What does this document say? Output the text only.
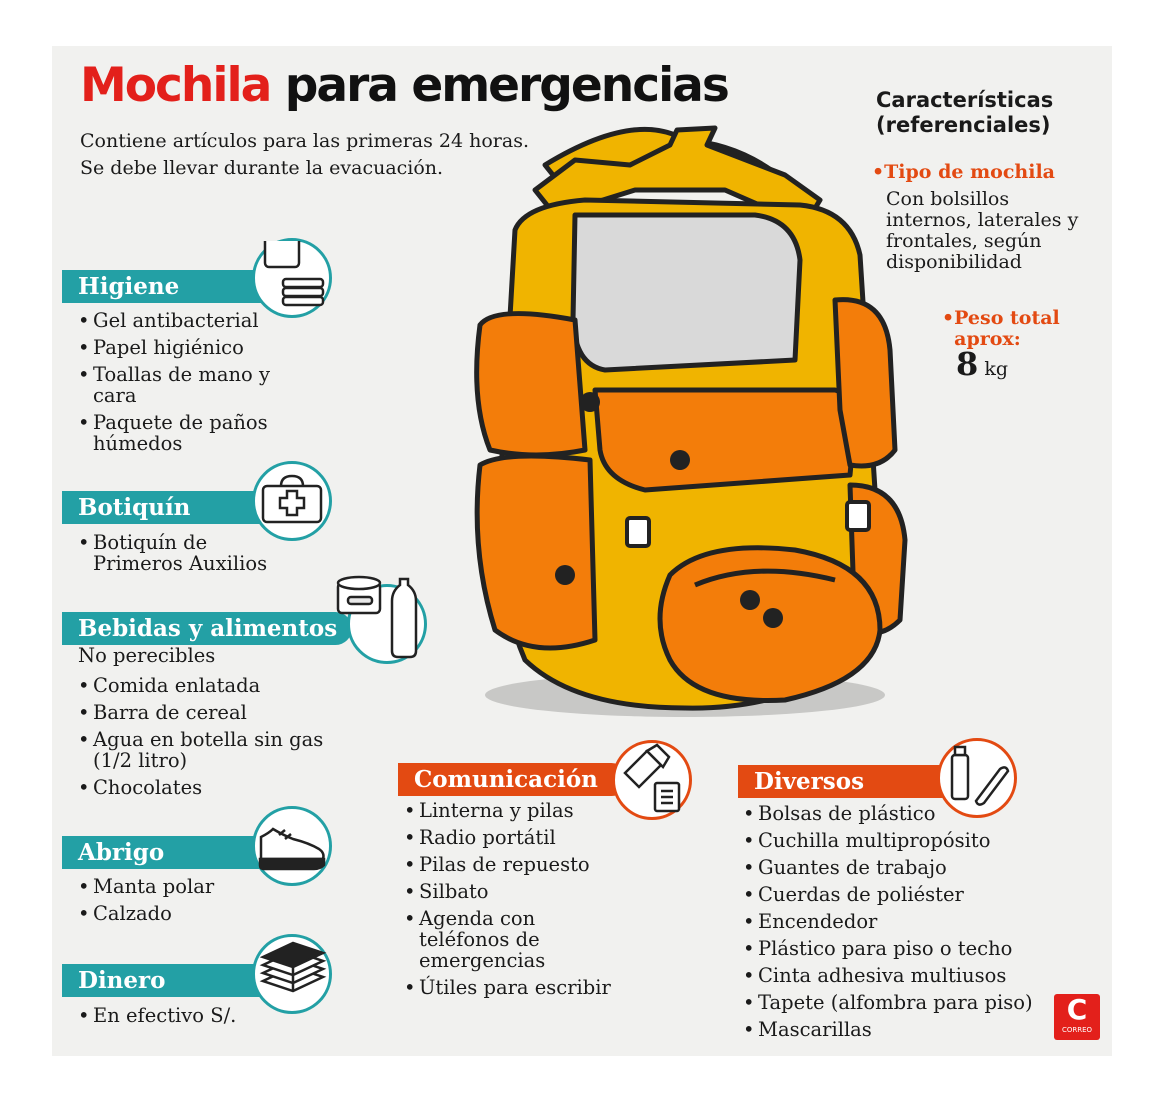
Mochila para emergencias
Contiene artículos para las primeras 24 horas.
Se debe llevar durante la evacuación.
Características
(referenciales)
•Tipo de mochila
Con bolsillos internos, laterales y frontales, según disponibilidad
• Peso total aprox:
8 kg
Higiene
• Gel antibacterial
• Papel higiénico
• Toallas de mano y cara
• Paquete de paños húmedos
Botiquín
• Botiquín de Primeros Auxilios
Bebidas y alimentos
No perecibles
• Comida enlatada
• Barra de cereal
• Agua en botella sin gas (1/2 litro)
• Chocolates
Abrigo
• Manta polar
• Calzado
Dinero
• En efectivo S/.
Comunicación
• Linterna y pilas
• Radio portátil
• Pilas de repuesto
• Silbato
• Agenda con teléfonos de emergencias
• Útiles para escribir
Diversos
• Bolsas de plástico
• Cuchilla multipropósito
• Guantes de trabajo
• Cuerdas de poliéster
• Encendedor
• Plástico para piso o techo
• Cinta adhesiva multiusos
• Tapete (alfombra para piso)
• Mascarillas
C
CORREO
